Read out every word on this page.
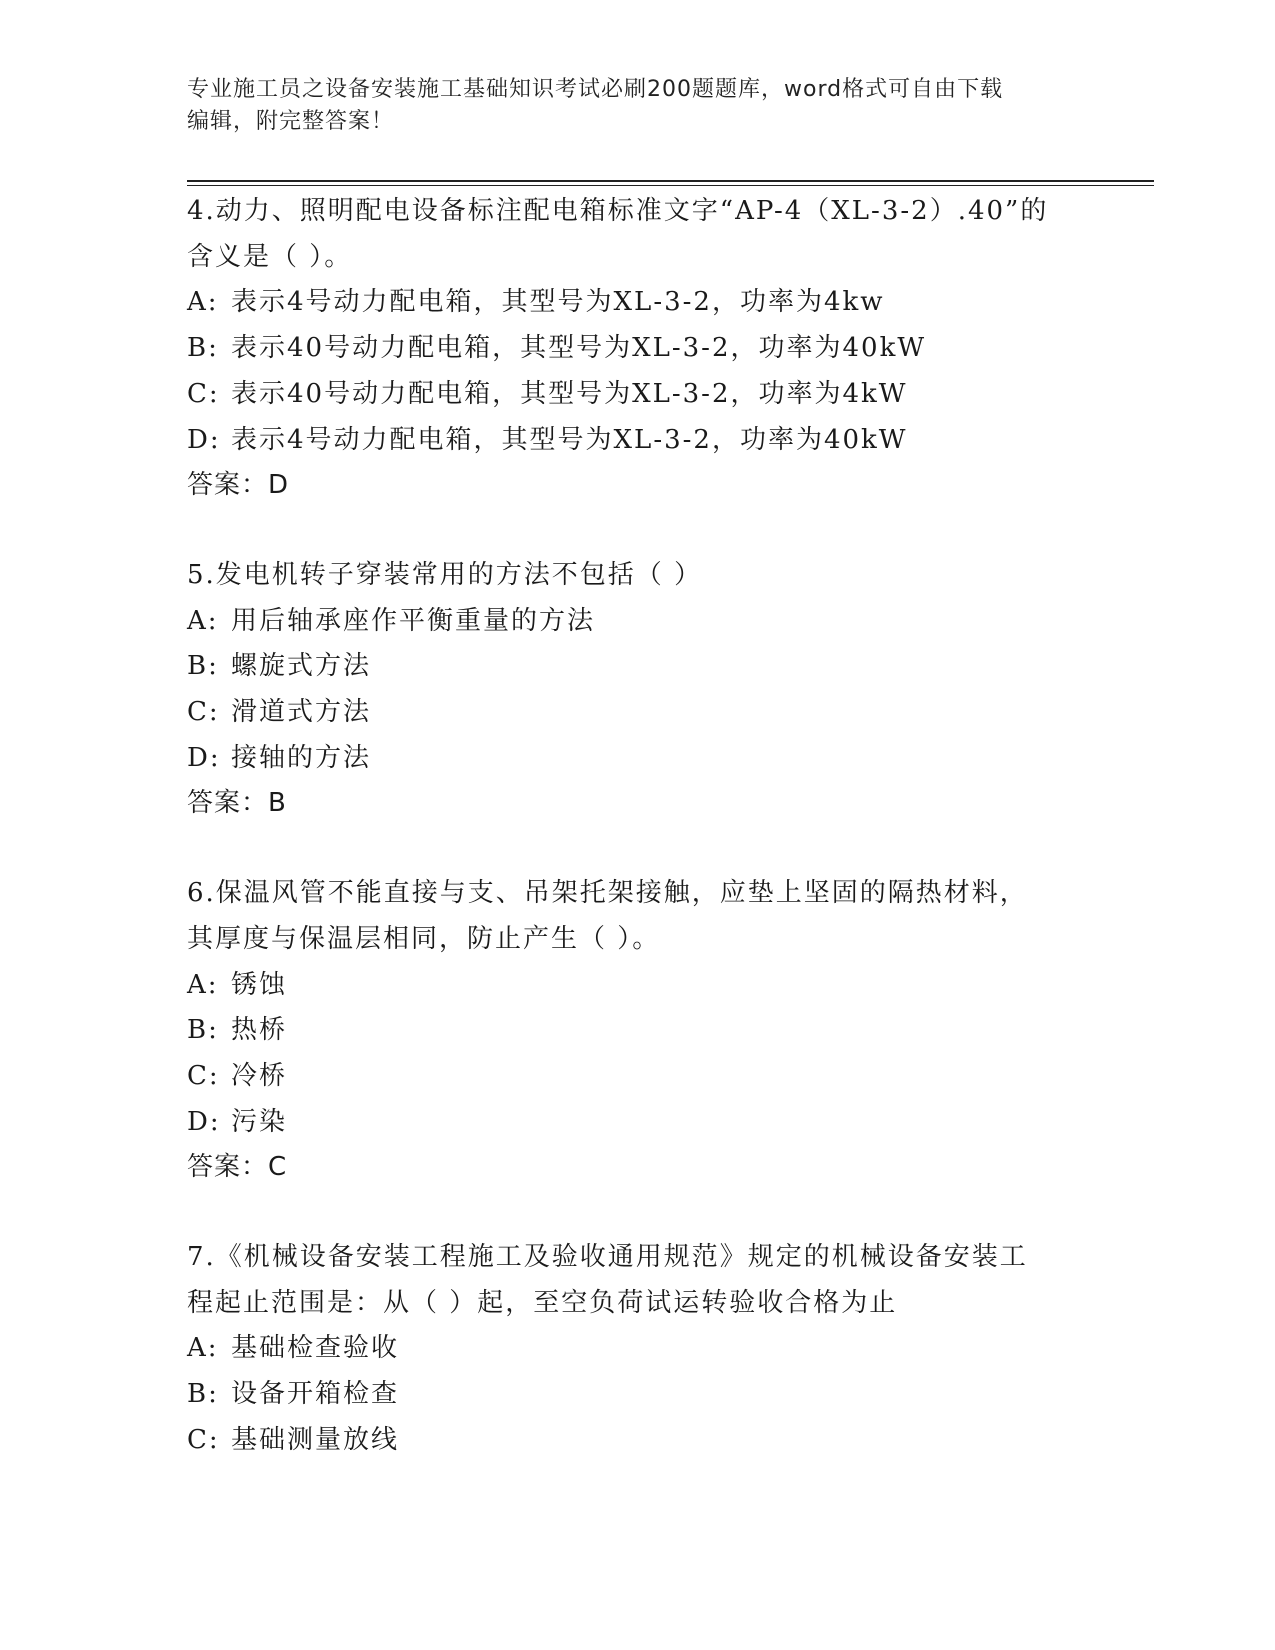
专业施工员之设备安装施工基础知识考试必刷200题题库，word格式可自由下载
编辑，附完整答案！
4.动力、照明配电设备标注配电箱标准文字“AP-4（XL-3-2）.40”的
含义是（ ）。
A: 表示4号动力配电箱，其型号为XL-3-2，功率为4kw
B: 表示40号动力配电箱，其型号为XL-3-2，功率为40kW
C: 表示40号动力配电箱，其型号为XL-3-2，功率为4kW
D: 表示4号动力配电箱，其型号为XL-3-2，功率为40kW
答案：D
5.发电机转子穿装常用的方法不包括（ ）
A: 用后轴承座作平衡重量的方法
B: 螺旋式方法
C: 滑道式方法
D: 接轴的方法
答案：B
6.保温风管不能直接与支、吊架托架接触，应垫上坚固的隔热材料，
其厚度与保温层相同，防止产生（ ）。
A: 锈蚀
B: 热桥
C: 冷桥
D: 污染
答案：C
7.《机械设备安装工程施工及验收通用规范》规定的机械设备安装工
程起止范围是：从（ ）起，至空负荷试运转验收合格为止
A: 基础检查验收
B: 设备开箱检查
C: 基础测量放线
